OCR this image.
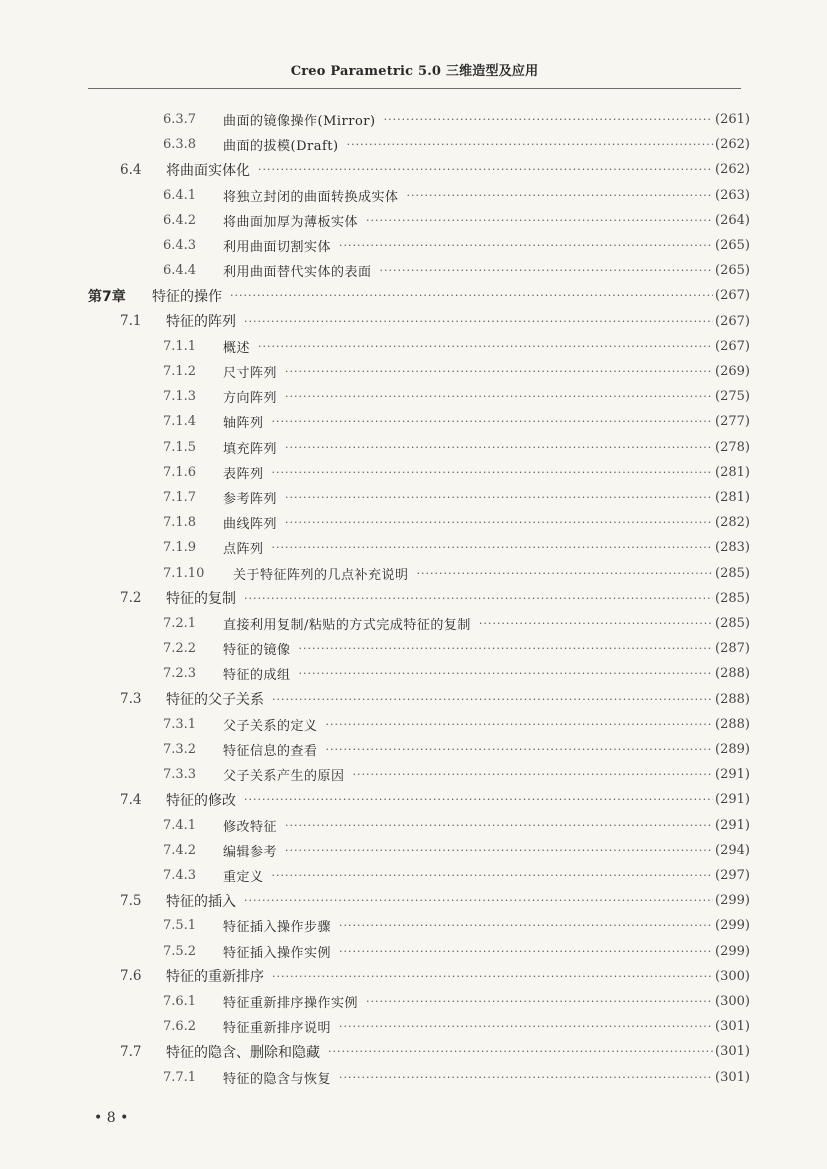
Creo Parametric 5.0 三维造型及应用
6.3.7	曲面的镜像操作(Mirror) ·····	(261)
6.3.8	曲面的拔模(Draft) ·····	(262)
6.4	将曲面实体化 ·····	(262)
6.4.1	将独立封闭的曲面转换成实体 ·····	(263)
6.4.2	将曲面加厚为薄板实体 ·····	(264)
6.4.3	利用曲面切割实体 ·····	(265)
6.4.4	利用曲面替代实体的表面 ·····	(265)
第7章	特征的操作 ·····	(267)
7.1	特征的阵列 ·····	(267)
7.1.1	概述 ·····	(267)
7.1.2	尺寸阵列 ·····	(269)
7.1.3	方向阵列 ·····	(275)
7.1.4	轴阵列 ·····	(277)
7.1.5	填充阵列 ·····	(278)
7.1.6	表阵列 ·····	(281)
7.1.7	参考阵列 ·····	(281)
7.1.8	曲线阵列 ·····	(282)
7.1.9	点阵列 ·····	(283)
7.1.10	关于特征阵列的几点补充说明 ·····	(285)
7.2	特征的复制 ·····	(285)
7.2.1	直接利用复制/粘贴的方式完成特征的复制 ·····	(285)
7.2.2	特征的镜像 ·····	(287)
7.2.3	特征的成组 ·····	(288)
7.3	特征的父子关系 ·····	(288)
7.3.1	父子关系的定义 ·····	(288)
7.3.2	特征信息的查看 ·····	(289)
7.3.3	父子关系产生的原因 ·····	(291)
7.4	特征的修改 ·····	(291)
7.4.1	修改特征 ·····	(291)
7.4.2	编辑参考 ·····	(294)
7.4.3	重定义 ·····	(297)
7.5	特征的插入 ·····	(299)
7.5.1	特征插入操作步骤 ·····	(299)
7.5.2	特征插入操作实例 ·····	(299)
7.6	特征的重新排序 ·····	(300)
7.6.1	特征重新排序操作实例 ·····	(300)
7.6.2	特征重新排序说明 ·····	(301)
7.7	特征的隐含、删除和隐藏 ·····	(301)
7.7.1	特征的隐含与恢复 ·····	(301)
• 8 •
